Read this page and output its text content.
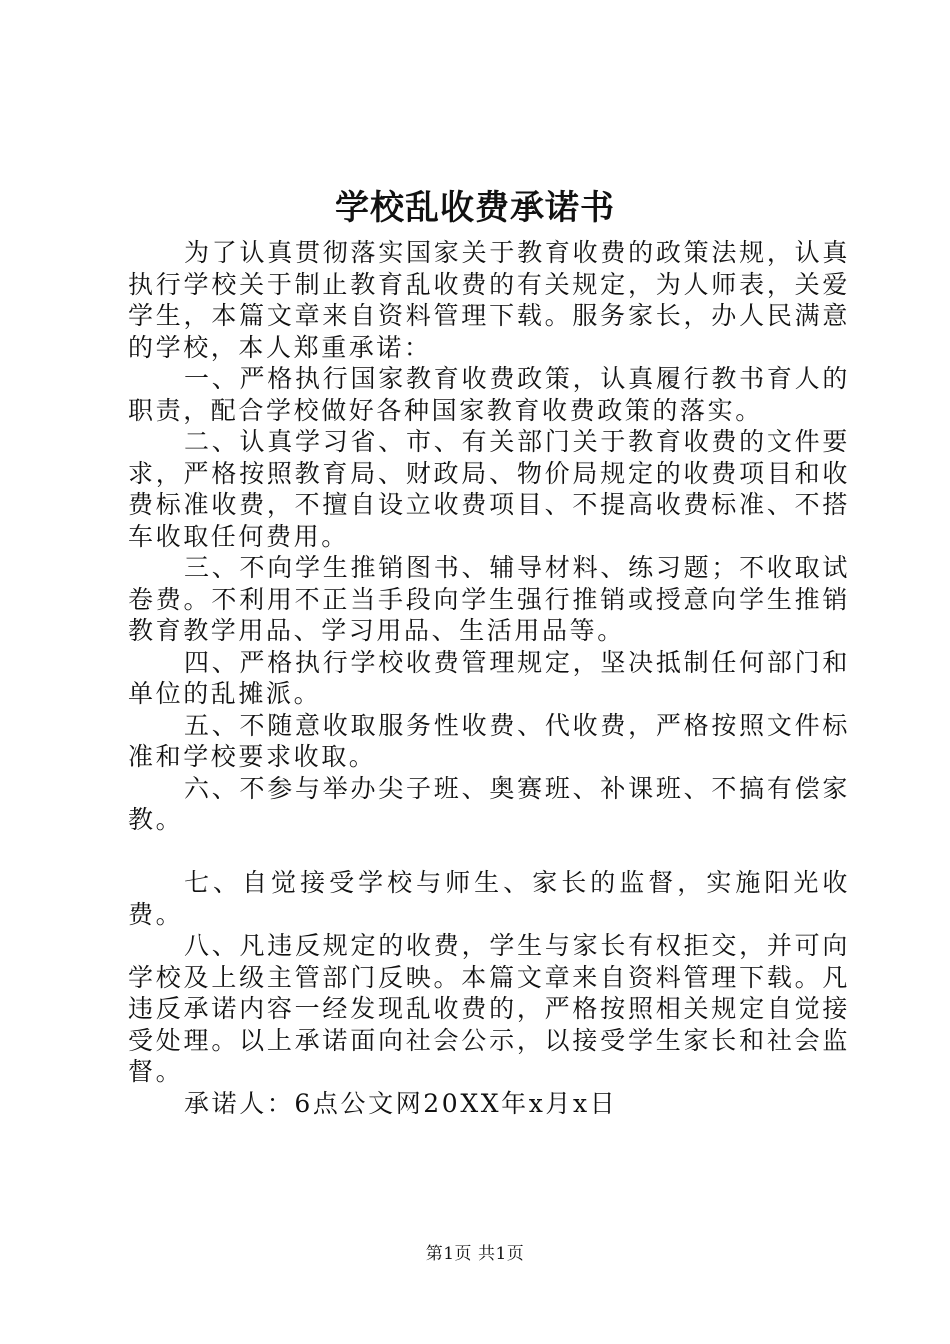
学校乱收费承诺书

为了认真贯彻落实国家关于教育收费的政策法规，认真执行学校关于制止教育乱收费的有关规定，为人师表，关爱学生，本篇文章来自资料管理下载。服务家长，办人民满意的学校，本人郑重承诺：

一、严格执行国家教育收费政策，认真履行教书育人的职责，配合学校做好各种国家教育收费政策的落实。

二、认真学习省、市、有关部门关于教育收费的文件要求，严格按照教育局、财政局、物价局规定的收费项目和收费标准收费，不擅自设立收费项目、不提高收费标准、不搭车收取任何费用。

三、不向学生推销图书、辅导材料、练习题；不收取试卷费。不利用不正当手段向学生强行推销或授意向学生推销教育教学用品、学习用品、生活用品等。

四、严格执行学校收费管理规定，坚决抵制任何部门和单位的乱摊派。

五、不随意收取服务性收费、代收费，严格按照文件标准和学校要求收取。

六、不参与举办尖子班、奥赛班、补课班、不搞有偿家教。

七、自觉接受学校与师生、家长的监督，实施阳光收费。

八、凡违反规定的收费，学生与家长有权拒交，并可向学校及上级主管部门反映。本篇文章来自资料管理下载。凡违反承诺内容一经发现乱收费的，严格按照相关规定自觉接受处理。以上承诺面向社会公示，以接受学生家长和社会监督。

承诺人：6点公文网20XX年x月x日

第1页 共1页
